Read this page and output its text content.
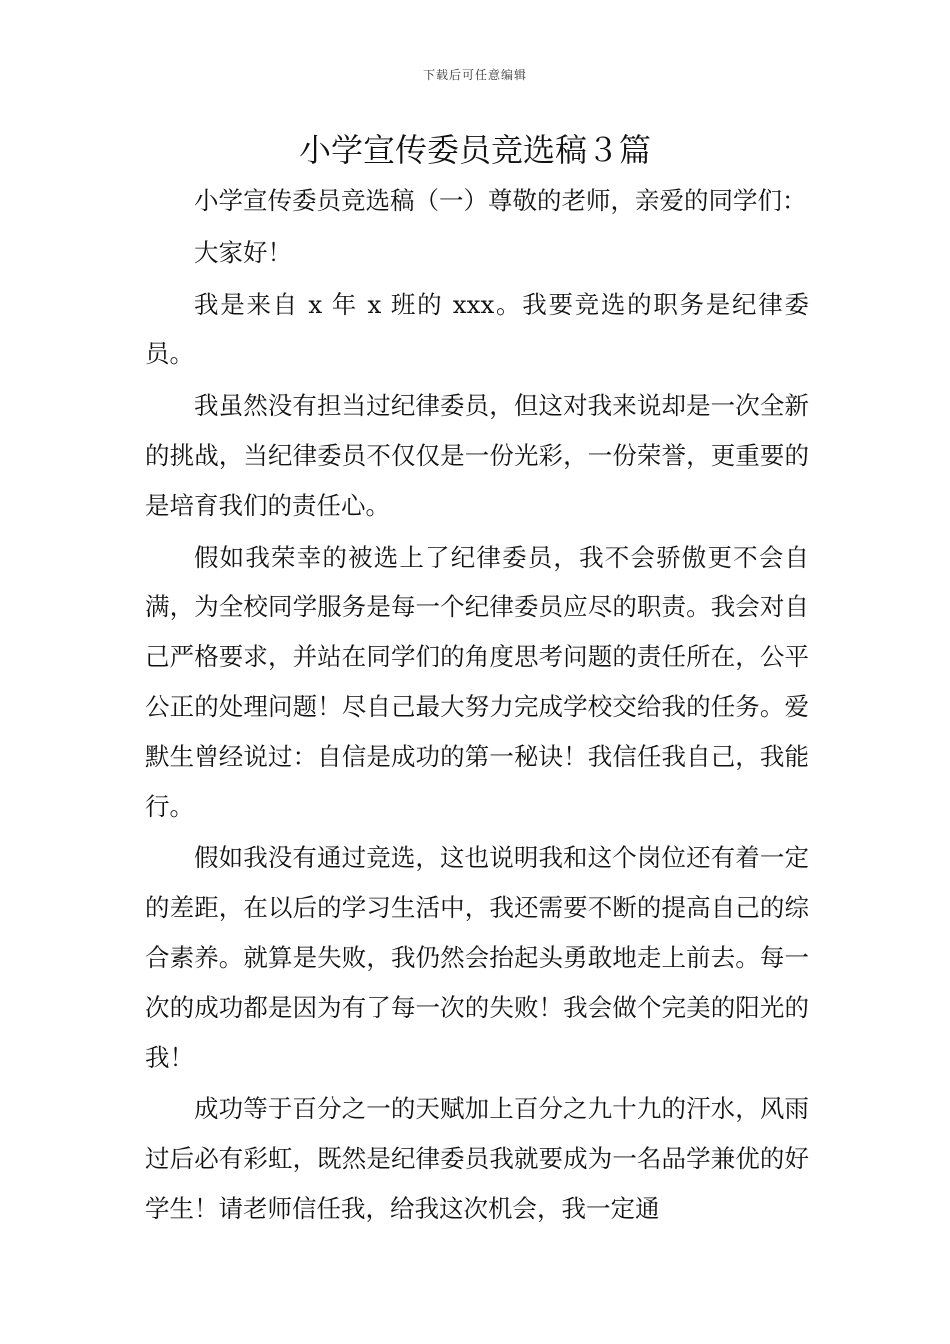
下载后可任意编辑
小学宣传委员竞选稿３篇

小学宣传委员竞选稿（一）尊敬的老师，亲爱的同学们：

大家好！

我是来自 x 年 x 班的 xxx。我要竞选的职务是纪律委员。

我虽然没有担当过纪律委员，但这对我来说却是一次全新的挑战，当纪律委员不仅仅是一份光彩，一份荣誉，更重要的是培育我们的责任心。

假如我荣幸的被选上了纪律委员，我不会骄傲更不会自满，为全校同学服务是每一个纪律委员应尽的职责。我会对自己严格要求，并站在同学们的角度思考问题的责任所在，公平公正的处理问题！尽自己最大努力完成学校交给我的任务。爱默生曾经说过：自信是成功的第一秘诀！我信任我自己，我能行。

假如我没有通过竞选，这也说明我和这个岗位还有着一定的差距，在以后的学习生活中，我还需要不断的提高自己的综合素养。就算是失败，我仍然会抬起头勇敢地走上前去。每一次的成功都是因为有了每一次的失败！我会做个完美的阳光的我！

成功等于百分之一的天赋加上百分之九十九的汗水，风雨过后必有彩虹，既然是纪律委员我就要成为一名品学兼优的好学生！请老师信任我，给我这次机会，我一定通
